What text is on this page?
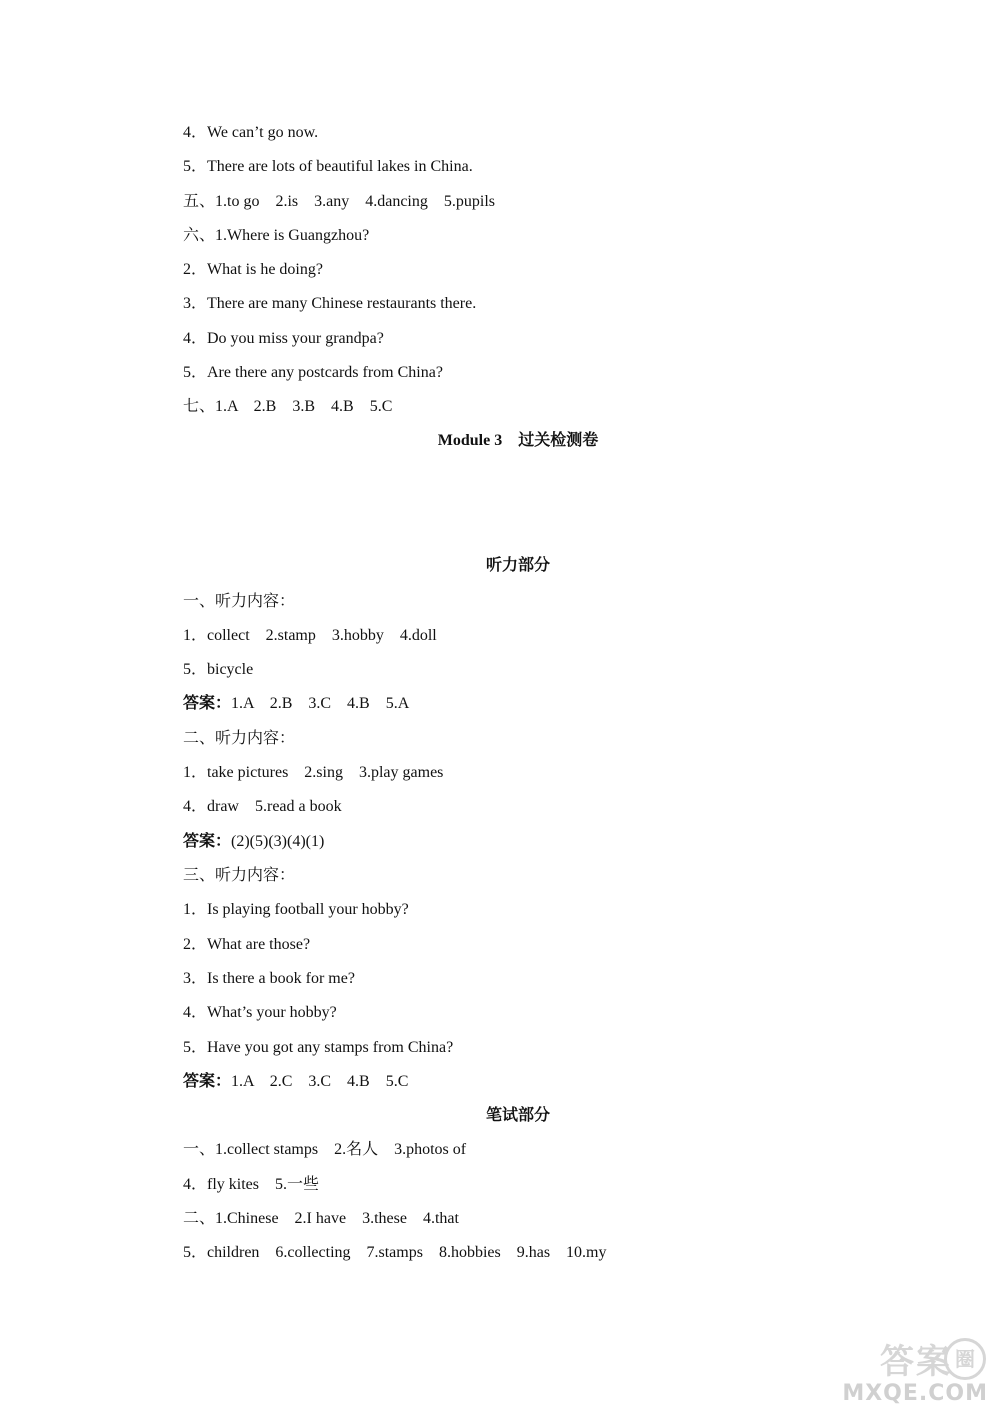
4．We can’t go now.
5．There are lots of beautiful lakes in China.
五、1.to go    2.is    3.any    4.dancing    5.pupils
六、1.Where is Guangzhou?
2．What is he doing?
3．There are many Chinese restaurants there.
4．Do you miss your grandpa?
5．Are there any postcards from China?
七、1.A    2.B    3.B    4.B    5.C
Module 3　过关检测卷
听力部分
一、听力内容：
1．collect    2.stamp    3.hobby    4.doll
5．bicycle
答案：1.A    2.B    3.C    4.B    5.A
二、听力内容：
1．take pictures    2.sing    3.play games
4．draw    5.read a book
答案：(2)(5)(3)(4)(1)
三、听力内容：
1．Is playing football your hobby?
2．What are those?
3．Is there a book for me?
4．What’s your hobby?
5．Have you got any stamps from China?
答案：1.A    2.C    3.C    4.B    5.C
笔试部分
一、1.collect stamps    2.名人    3.photos of
4．fly kites    5.一些
二、1.Chinese    2.I have    3.these    4.that
5．children    6.collecting    7.stamps    8.hobbies    9.has    10.my
答案 圈
MXQE.COM
